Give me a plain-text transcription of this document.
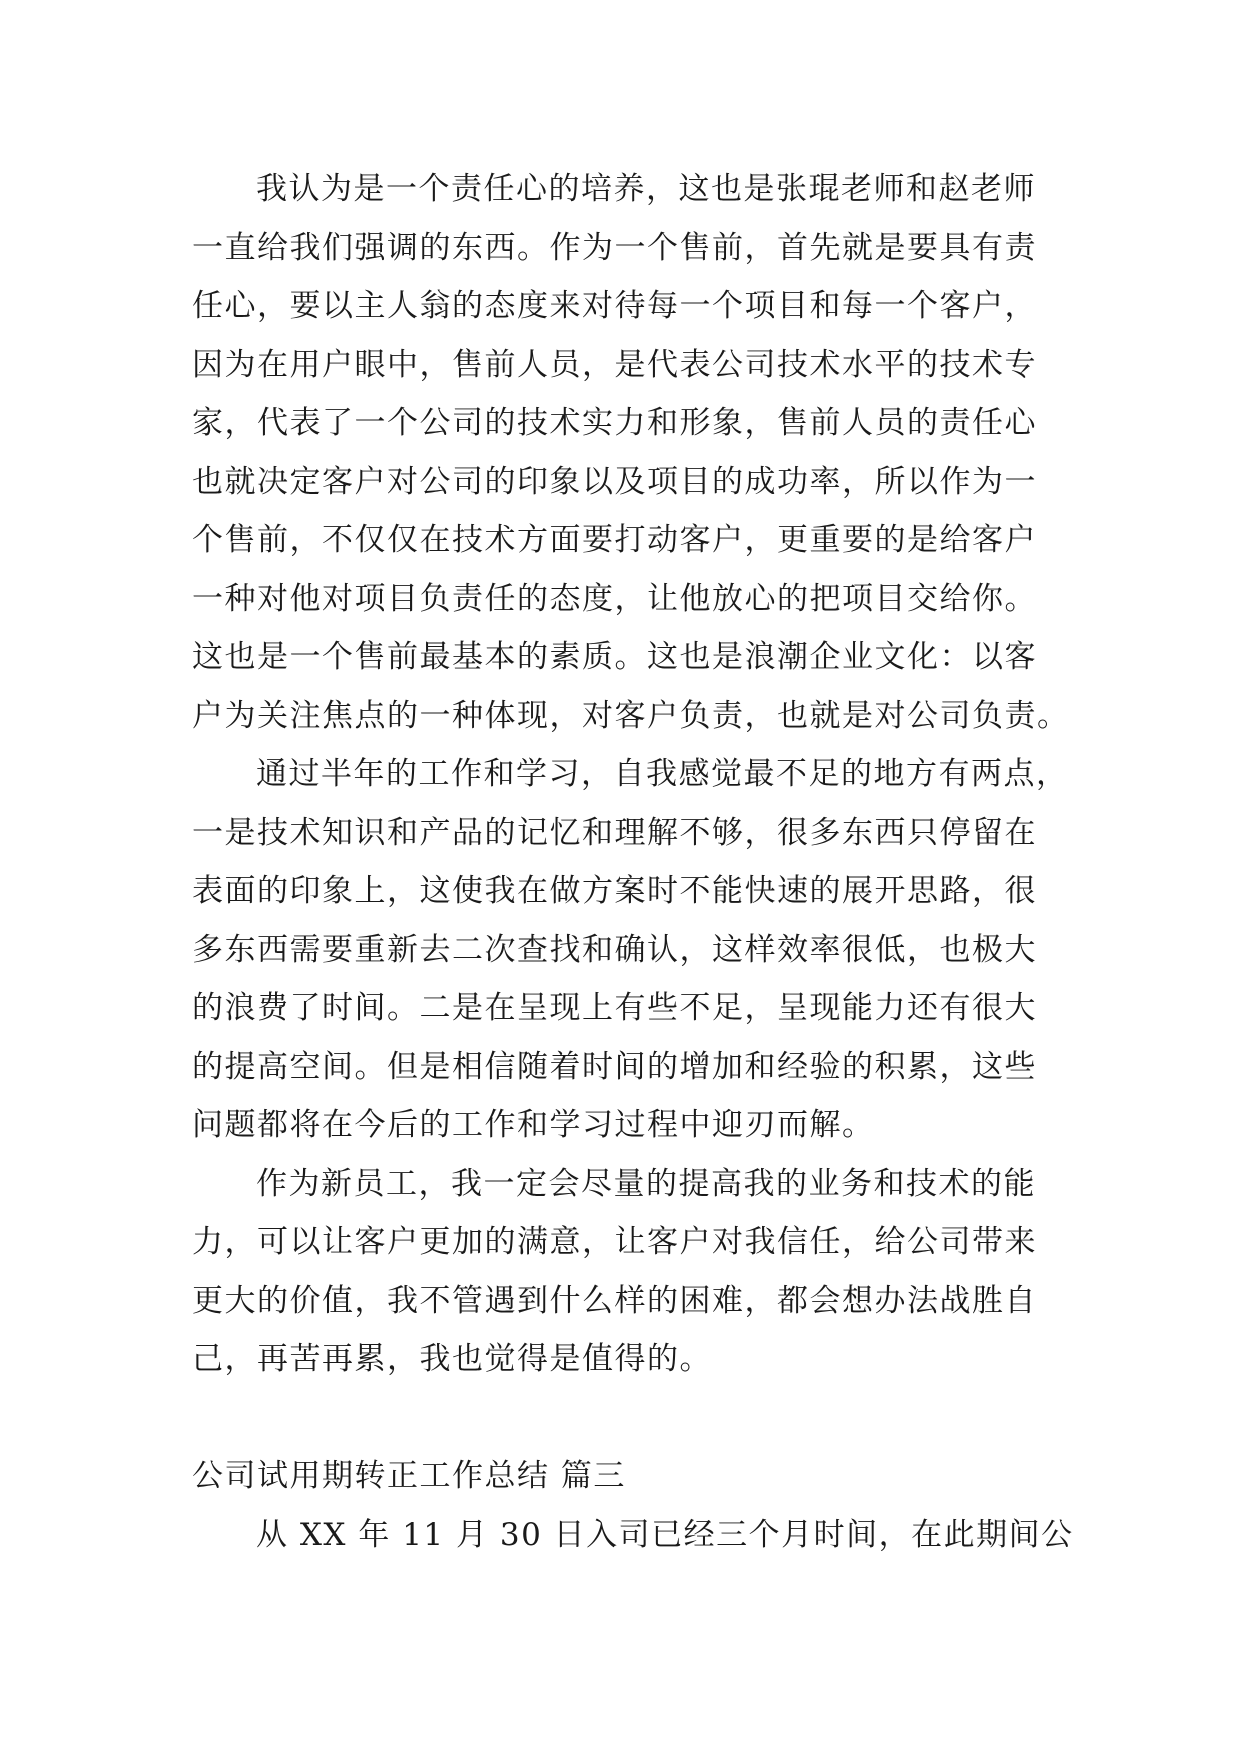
我认为是一个责任心的培养，这也是张琨老师和赵老师
一直给我们强调的东西。作为一个售前，首先就是要具有责
任心，要以主人翁的态度来对待每一个项目和每一个客户，
因为在用户眼中，售前人员，是代表公司技术水平的技术专
家，代表了一个公司的技术实力和形象，售前人员的责任心
也就决定客户对公司的印象以及项目的成功率，所以作为一
个售前，不仅仅在技术方面要打动客户，更重要的是给客户
一种对他对项目负责任的态度，让他放心的把项目交给你。
这也是一个售前最基本的素质。这也是浪潮企业文化：以客
户为关注焦点的一种体现，对客户负责，也就是对公司负责。
通过半年的工作和学习，自我感觉最不足的地方有两点，
一是技术知识和产品的记忆和理解不够，很多东西只停留在
表面的印象上，这使我在做方案时不能快速的展开思路，很
多东西需要重新去二次查找和确认，这样效率很低，也极大
的浪费了时间。二是在呈现上有些不足，呈现能力还有很大
的提高空间。但是相信随着时间的增加和经验的积累，这些
问题都将在今后的工作和学习过程中迎刃而解。
作为新员工，我一定会尽量的提高我的业务和技术的能
力，可以让客户更加的满意，让客户对我信任，给公司带来
更大的价值，我不管遇到什么样的困难，都会想办法战胜自
己，再苦再累，我也觉得是值得的。
公司试用期转正工作总结 篇三
从 XX 年 11 月 30 日入司已经三个月时间，在此期间公
